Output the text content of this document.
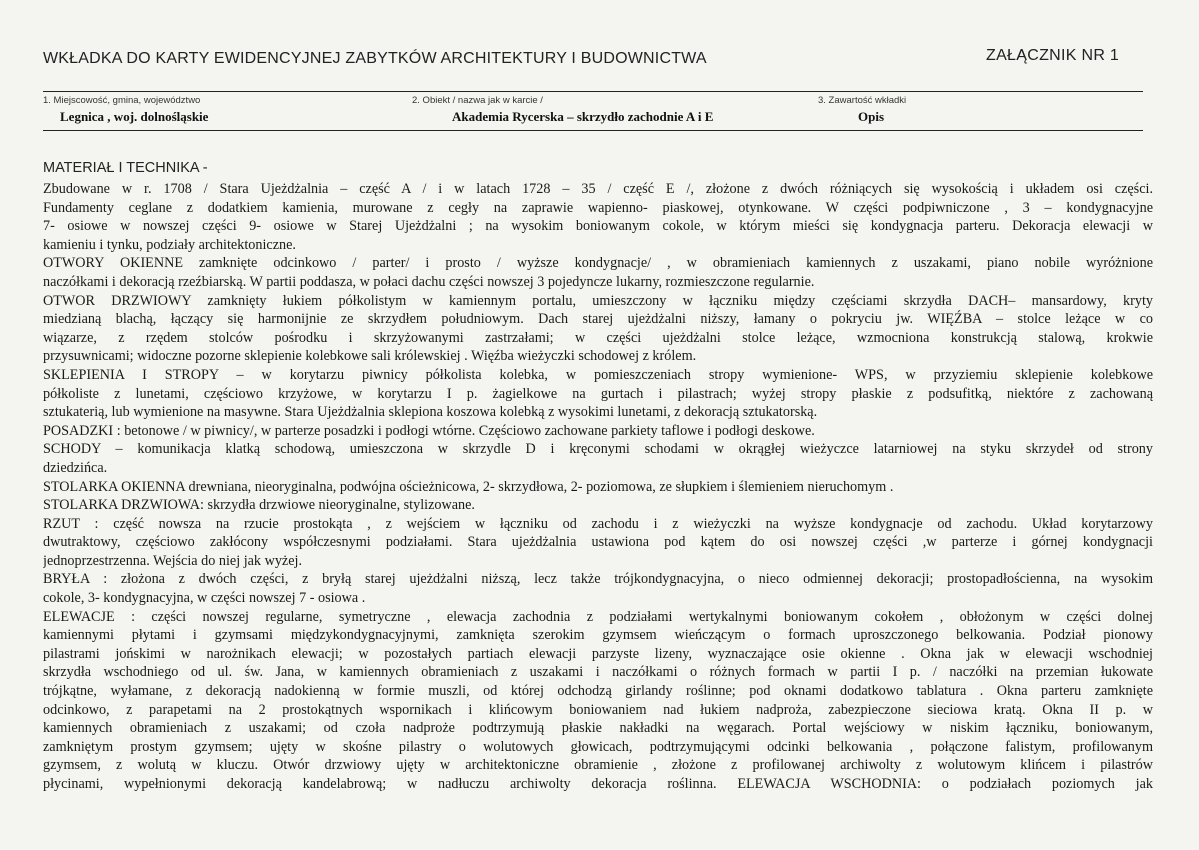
WKŁADKA DO KARTY EWIDENCYJNEJ ZABYTKÓW ARCHITEKTURY I BUDOWNICTWA	ZAŁĄCZNIK NR 1
1. Miejscowość, gmina, województwo
Legnica , woj. dolnośląskie
2. Obiekt / nazwa jak w karcie /
Akademia Rycerska – skrzydło zachodnie A i E
3. Zawartość wkładki
Opis
MATERIAŁ I TECHNIKA -
Zbudowane w r. 1708 / Stara Ujeżdżalnia – część A / i w latach 1728 – 35 / część E /, złożone z dwóch różniących się wysokością i układem osi części.
Fundamenty ceglane z dodatkiem kamienia, murowane z cegły na zaprawie wapienno- piaskowej, otynkowane. W części podpiwniczone , 3 – kondygnacyjne
7- osiowe w nowszej części 9- osiowe w Starej Ujeżdżalni ; na wysokim boniowanym cokole, w którym mieści się kondygnacja parteru. Dekoracja elewacji w
kamieniu i tynku, podziały architektoniczne.
OTWORY OKIENNE zamknięte odcinkowo / parter/ i prosto / wyższe kondygnacje/ , w obramieniach kamiennych z uszakami, piano nobile wyróżnione
naczółkami i dekoracją rzeźbiarską. W partii poddasza, w połaci dachu części nowszej 3 pojedyncze lukarny, rozmieszczone regularnie.
OTWOR DRZWIOWY zamknięty łukiem półkolistym w kamiennym portalu, umieszczony w łączniku między częściami skrzydła DACH– mansardowy, kryty
miedzianą blachą, łączący się harmonijnie ze skrzydłem południowym. Dach starej ujeżdżalni niższy, łamany o pokryciu jw. WIĘŹBA – stolce leżące w co
wiązarze, z rzędem stolców pośrodku i skrzyżowanymi zastrzałami; w części ujeżdżalni stolce leżące, wzmocniona konstrukcją stalową, krokwie
przysuwnicami; widoczne pozorne sklepienie kolebkowe sali królewskiej . Więźba wieżyczki schodowej z królem.
SKLEPIENIA I STROPY – w korytarzu piwnicy półkolista kolebka, w pomieszczeniach stropy wymienione- WPS, w przyziemiu sklepienie kolebkowe
półkoliste z lunetami, częściowo krzyżowe, w korytarzu I p. żagielkowe na gurtach i pilastrach; wyżej stropy płaskie z podsufitką, niektóre z zachowaną
sztukaterią, lub wymienione na masywne. Stara Ujeżdżalnia sklepiona koszowa kolebką z wysokimi lunetami, z dekoracją sztukatorską.
POSADZKI : betonowe / w piwnicy/, w parterze posadzki i podłogi wtórne. Częściowo zachowane parkiety taflowe i podłogi deskowe.
SCHODY – komunikacja klatką schodową, umieszczona w skrzydle D i kręconymi schodami w okrągłej wieżyczce latarniowej na styku skrzydeł od strony
dziedzińca.
STOLARKA OKIENNA drewniana, nieoryginalna, podwójna ościeżnicowa, 2- skrzydłowa, 2- poziomowa, ze słupkiem i ślemieniem nieruchomym .
STOLARKA DRZWIOWA: skrzydła drzwiowe nieoryginalne, stylizowane.
RZUT : część nowsza na rzucie prostokąta , z wejściem w łączniku od zachodu i z wieżyczki na wyższe kondygnacje od zachodu. Układ korytarzowy
dwutraktowy, częściowo zakłócony współczesnymi podziałami. Stara ujeżdżalnia ustawiona pod kątem do osi nowszej części ,w parterze i górnej kondygnacji
jednoprzestrzenna. Wejścia do niej jak wyżej.
BRYŁA : złożona z dwóch części, z bryłą starej ujeżdżalni niższą, lecz także trójkondygnacyjna, o nieco odmiennej dekoracji; prostopadłościenna, na wysokim
cokole, 3- kondygnacyjna, w części nowszej 7 - osiowa .
ELEWACJE : części nowszej regularne, symetryczne , elewacja zachodnia z podziałami wertykalnymi boniowanym cokołem , obłożonym w części dolnej
kamiennymi płytami i gzymsami międzykondygnacyjnymi, zamknięta szerokim gzymsem wieńczącym o formach uproszczonego belkowania. Podział pionowy
pilastrami jońskimi w narożnikach elewacji; w pozostałych partiach elewacji parzyste lizeny, wyznaczające osie okienne . Okna jak w elewacji wschodniej
skrzydła wschodniego od ul. św. Jana, w kamiennych obramieniach z uszakami i naczółkami o różnych formach w partii I p. / naczółki na przemian łukowate
trójkątne, wyłamane, z dekoracją nadokienną w formie muszli, od której odchodzą girlandy roślinne; pod oknami dodatkowo tablatura . Okna parteru zamknięte
odcinkowo, z parapetami na 2 prostokątnych wspornikach i klińcowym boniowaniem nad łukiem nadproża, zabezpieczone sieciowa kratą. Okna II p. w
kamiennych obramieniach z uszakami; od czoła nadproże podtrzymują płaskie nakładki na węgarach. Portal wejściowy w niskim łączniku, boniowanym,
zamkniętym prostym gzymsem; ujęty w skośne pilastry o wolutowych głowicach, podtrzymującymi odcinki belkowania , połączone falistym, profilowanym
gzymsem, z wolutą w kluczu. Otwór drzwiowy ujęty w architektoniczne obramienie , złożone z profilowanej archiwolty z wolutowym klińcem i pilastrów
płycinami, wypełnionymi dekoracją kandelabrową; w nadłuczu archiwolty dekoracja roślinna. ELEWACJA WSCHODNIA: o podziałach poziomych jak
